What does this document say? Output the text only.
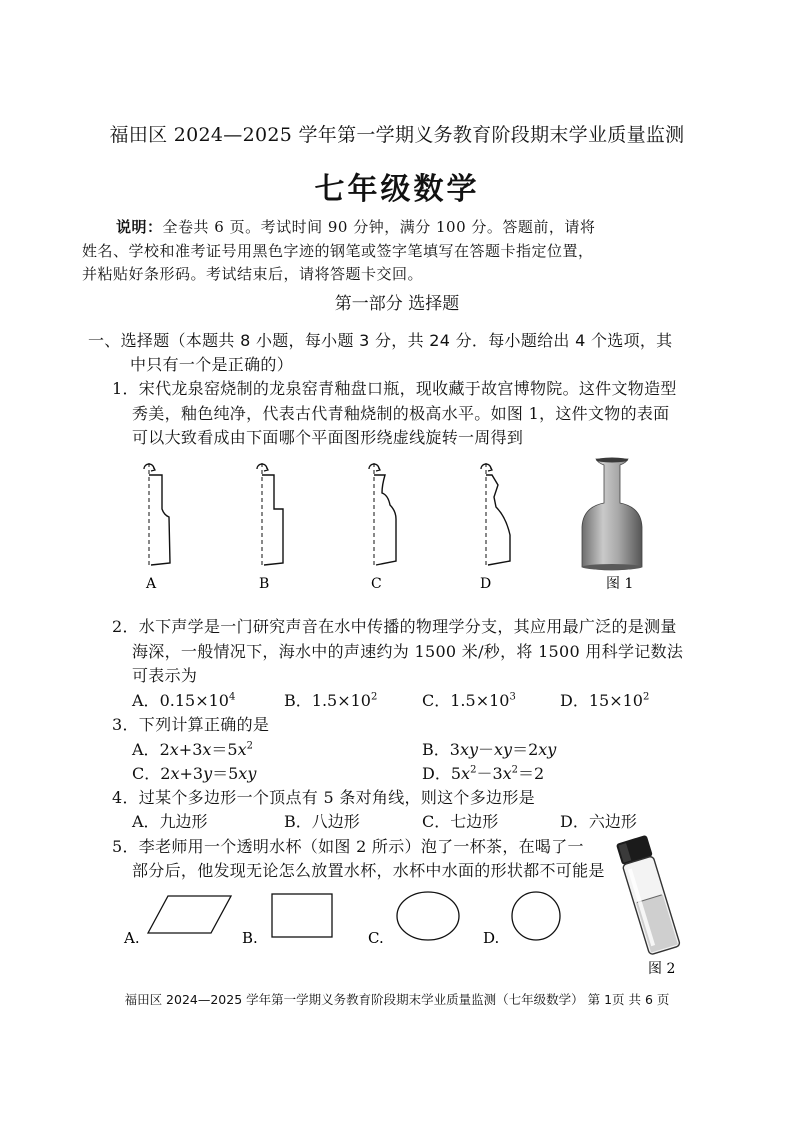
福田区 2024—2025 学年第一学期义务教育阶段期末学业质量监测
七年级数学
说明：全卷共 6 页。考试时间 90 分钟，满分 100 分。答题前，请将
姓名、学校和准考证号用黑色字迹的钢笔或签字笔填写在答题卡指定位置，
并粘贴好条形码。考试结束后，请将答题卡交回。
第一部分 选择题
一、选择题（本题共 8 小题，每小题 3 分，共 24 分．每小题给出 4 个选项，其
中只有一个是正确的）
1．宋代龙泉窑烧制的龙泉窑青釉盘口瓶，现收藏于故宫博物院。这件文物造型
秀美，釉色纯净，代表古代青釉烧制的极高水平。如图 1，这件文物的表面
可以大致看成由下面哪个平面图形绕虚线旋转一周得到
A	B	C	D	图 1
2．水下声学是一门研究声音在水中传播的物理学分支，其应用最广泛的是测量
海深，一般情况下，海水中的声速约为 1500 米/秒，将 1500 用科学记数法
可表示为
A．$0.15\times 10^4$	B．$1.5\times 10^2$	C．$1.5\times 10^3$	D．$15\times 10^2$
3．下列计算正确的是
A．$2x+3x=5x^2$	B．3xy－xy＝2xy
C．2x+3y＝5xy	D．$5x^2-3x^2=2$
4．过某个多边形一个顶点有 5 条对角线，则这个多边形是
A．九边形	B．八边形	C．七边形	D．六边形
5．李老师用一个透明水杯（如图 2 所示）泡了一杯茶，在喝了一
部分后，他发现无论怎么放置水杯，水杯中水面的形状都不可能是
A.	B.	C.	D.
图 2
福田区 2024—2025 学年第一学期义务教育阶段期末学业质量监测（七年级数学） 第 1页 共 6 页
